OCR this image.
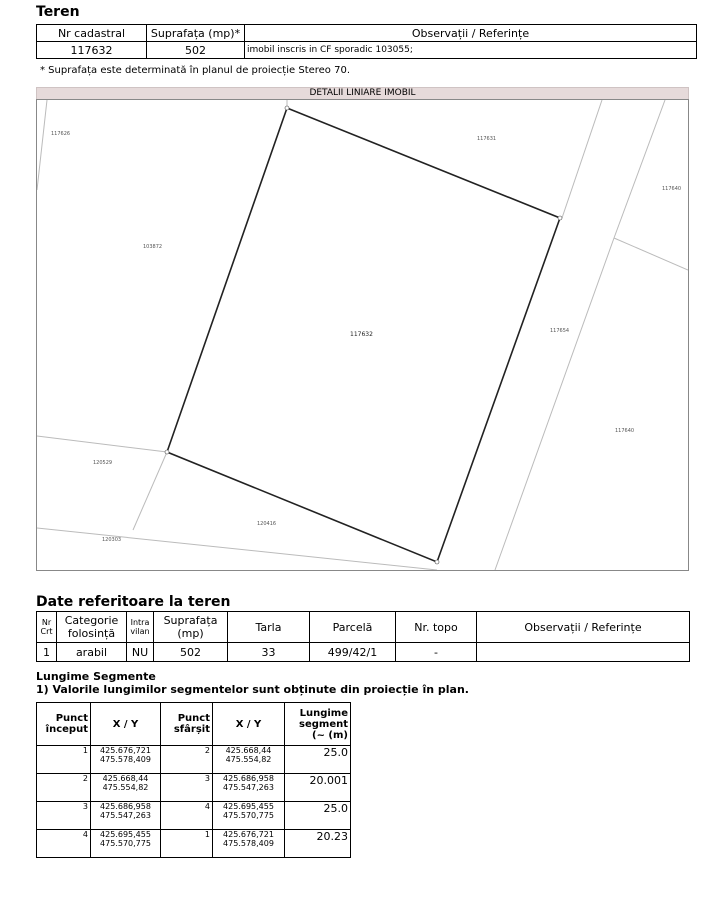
Teren
Nr cadastral	Suprafața (mp)*	Observații / Referințe
117632	502	imobil inscris in CF sporadic 103055;
* Suprafața este determinată în planul de proiecție Stereo 70.
DETALII LINIARE IMOBIL
117632
117626
117631
117640
103872
117654
117640
120529
120416
120303
Date referitoare la teren
Nr Crt	Categorie folosință	Intra vilan	Suprafața (mp)	Tarla	Parcelă	Nr. topo	Observații / Referințe
1	arabil	NU	502	33	499/42/1	-	
Lungime Segmente
1) Valorile lungimilor segmentelor sunt obținute din proiecție în plan.
Punct început	X / Y	Punct sfârșit	X / Y	Lungime segment (~ (m)
1	425.676,721
475.578,409	2	425.668,44
475.554,82	25.0
2	425.668,44
475.554,82	3	425.686,958
475.547,263	20.001
3	425.686,958
475.547,263	4	425.695,455
475.570,775	25.0
4	425.695,455
475.570,775	1	425.676,721
475.578,409	20.23
